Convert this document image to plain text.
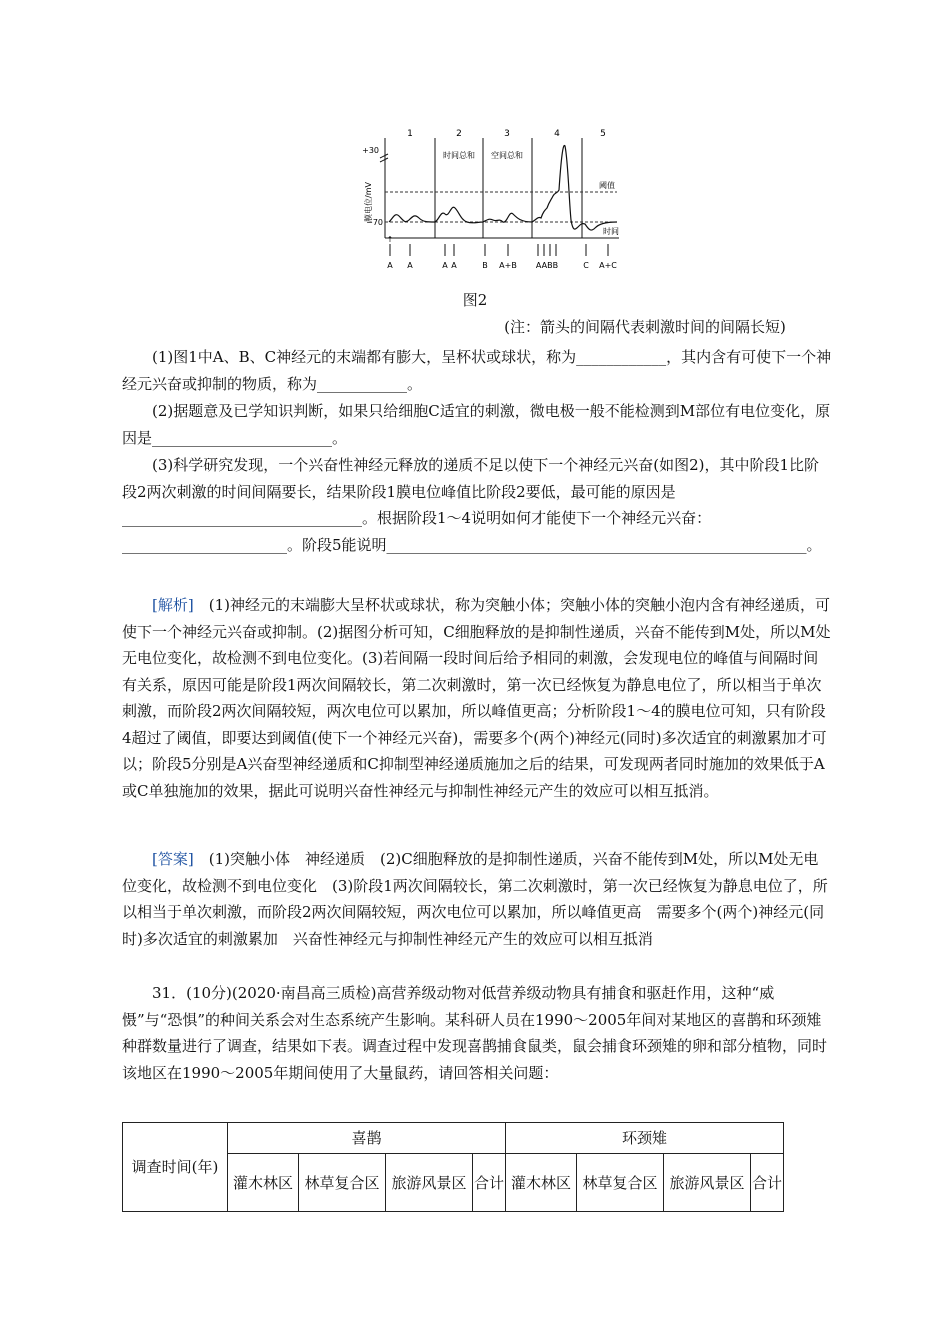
1	2	3	4	5
时间总和 空间总和
+30
−70
膜电位/mV	阈值
时间
↑
A A	A A	B A+B AABB	C A+C
图2
(注：箭头的间隔代表刺激时间的间隔长短)

(1)图1中A、B、C神经元的末端都有膨大，呈杯状或球状，称为____________，其内含有可使下一个神经元兴奋或抑制的物质，称为____________。

(2)据题意及已学知识判断，如果只给细胞C适宜的刺激，微电极一般不能检测到M部位有电位变化，原因是________________________。

(3)科学研究发现，一个兴奋性神经元释放的递质不足以使下一个神经元兴奋(如图2)，其中阶段1比阶段2两次刺激的时间间隔要长，结果阶段1膜电位峰值比阶段2要低，最可能的原因是________________________________。根据阶段1～4说明如何才能使下一个神经元兴奋：______________________。阶段5能说明________________________________________________________。

[解析]　 (1)神经元的末端膨大呈杯状或球状，称为突触小体；突触小体的突触小泡内含有神经递质，可使下一个神经元兴奋或抑制。(2)据图分析可知，C细胞释放的是抑制性递质，兴奋不能传到M处，所以M处无电位变化，故检测不到电位变化。(3)若间隔一段时间后给予相同的刺激，会发现电位的峰值与间隔时间有关系，原因可能是阶段1两次间隔较长，第二次刺激时，第一次已经恢复为静息电位了，所以相当于单次刺激，而阶段2两次间隔较短，两次电位可以累加，所以峰值更高；分析阶段1～4的膜电位可知，只有阶段4超过了阈值，即要达到阈值(使下一个神经元兴奋)，需要多个(两个)神经元(同时)多次适宜的刺激累加才可以；阶段5分别是A兴奋型神经递质和C抑制型神经递质施加之后的结果，可发现两者同时施加的效果低于A或C单独施加的效果，据此可说明兴奋性神经元与抑制性神经元产生的效应可以相互抵消。

[答案]　 (1)突触小体　神经递质　(2)C细胞释放的是抑制性递质，兴奋不能传到M处，所以M处无电位变化，故检测不到电位变化　(3)阶段1两次间隔较长，第二次刺激时，第一次已经恢复为静息电位了，所以相当于单次刺激，而阶段2两次间隔较短，两次电位可以累加，所以峰值更高　需要多个(两个)神经元(同时)多次适宜的刺激累加　兴奋性神经元与抑制性神经元产生的效应可以相互抵消

31．(10分)(2020·南昌高三质检)高营养级动物对低营养级动物具有捕食和驱赶作用，这种“威慑”与“恐惧”的种间关系会对生态系统产生影响。某科研人员在1990～2005年间对某地区的喜鹊和环颈雉种群数量进行了调查，结果如下表。调查过程中发现喜鹊捕食鼠类，鼠会捕食环颈雉的卵和部分植物，同时该地区在1990～2005年期间使用了大量鼠药，请回答相关问题：

调查时间(年)	喜鹊				环颈雉			
	灌木林区	林草复合区	旅游风景区	合计	灌木林区	林草复合区	旅游风景区	合计
